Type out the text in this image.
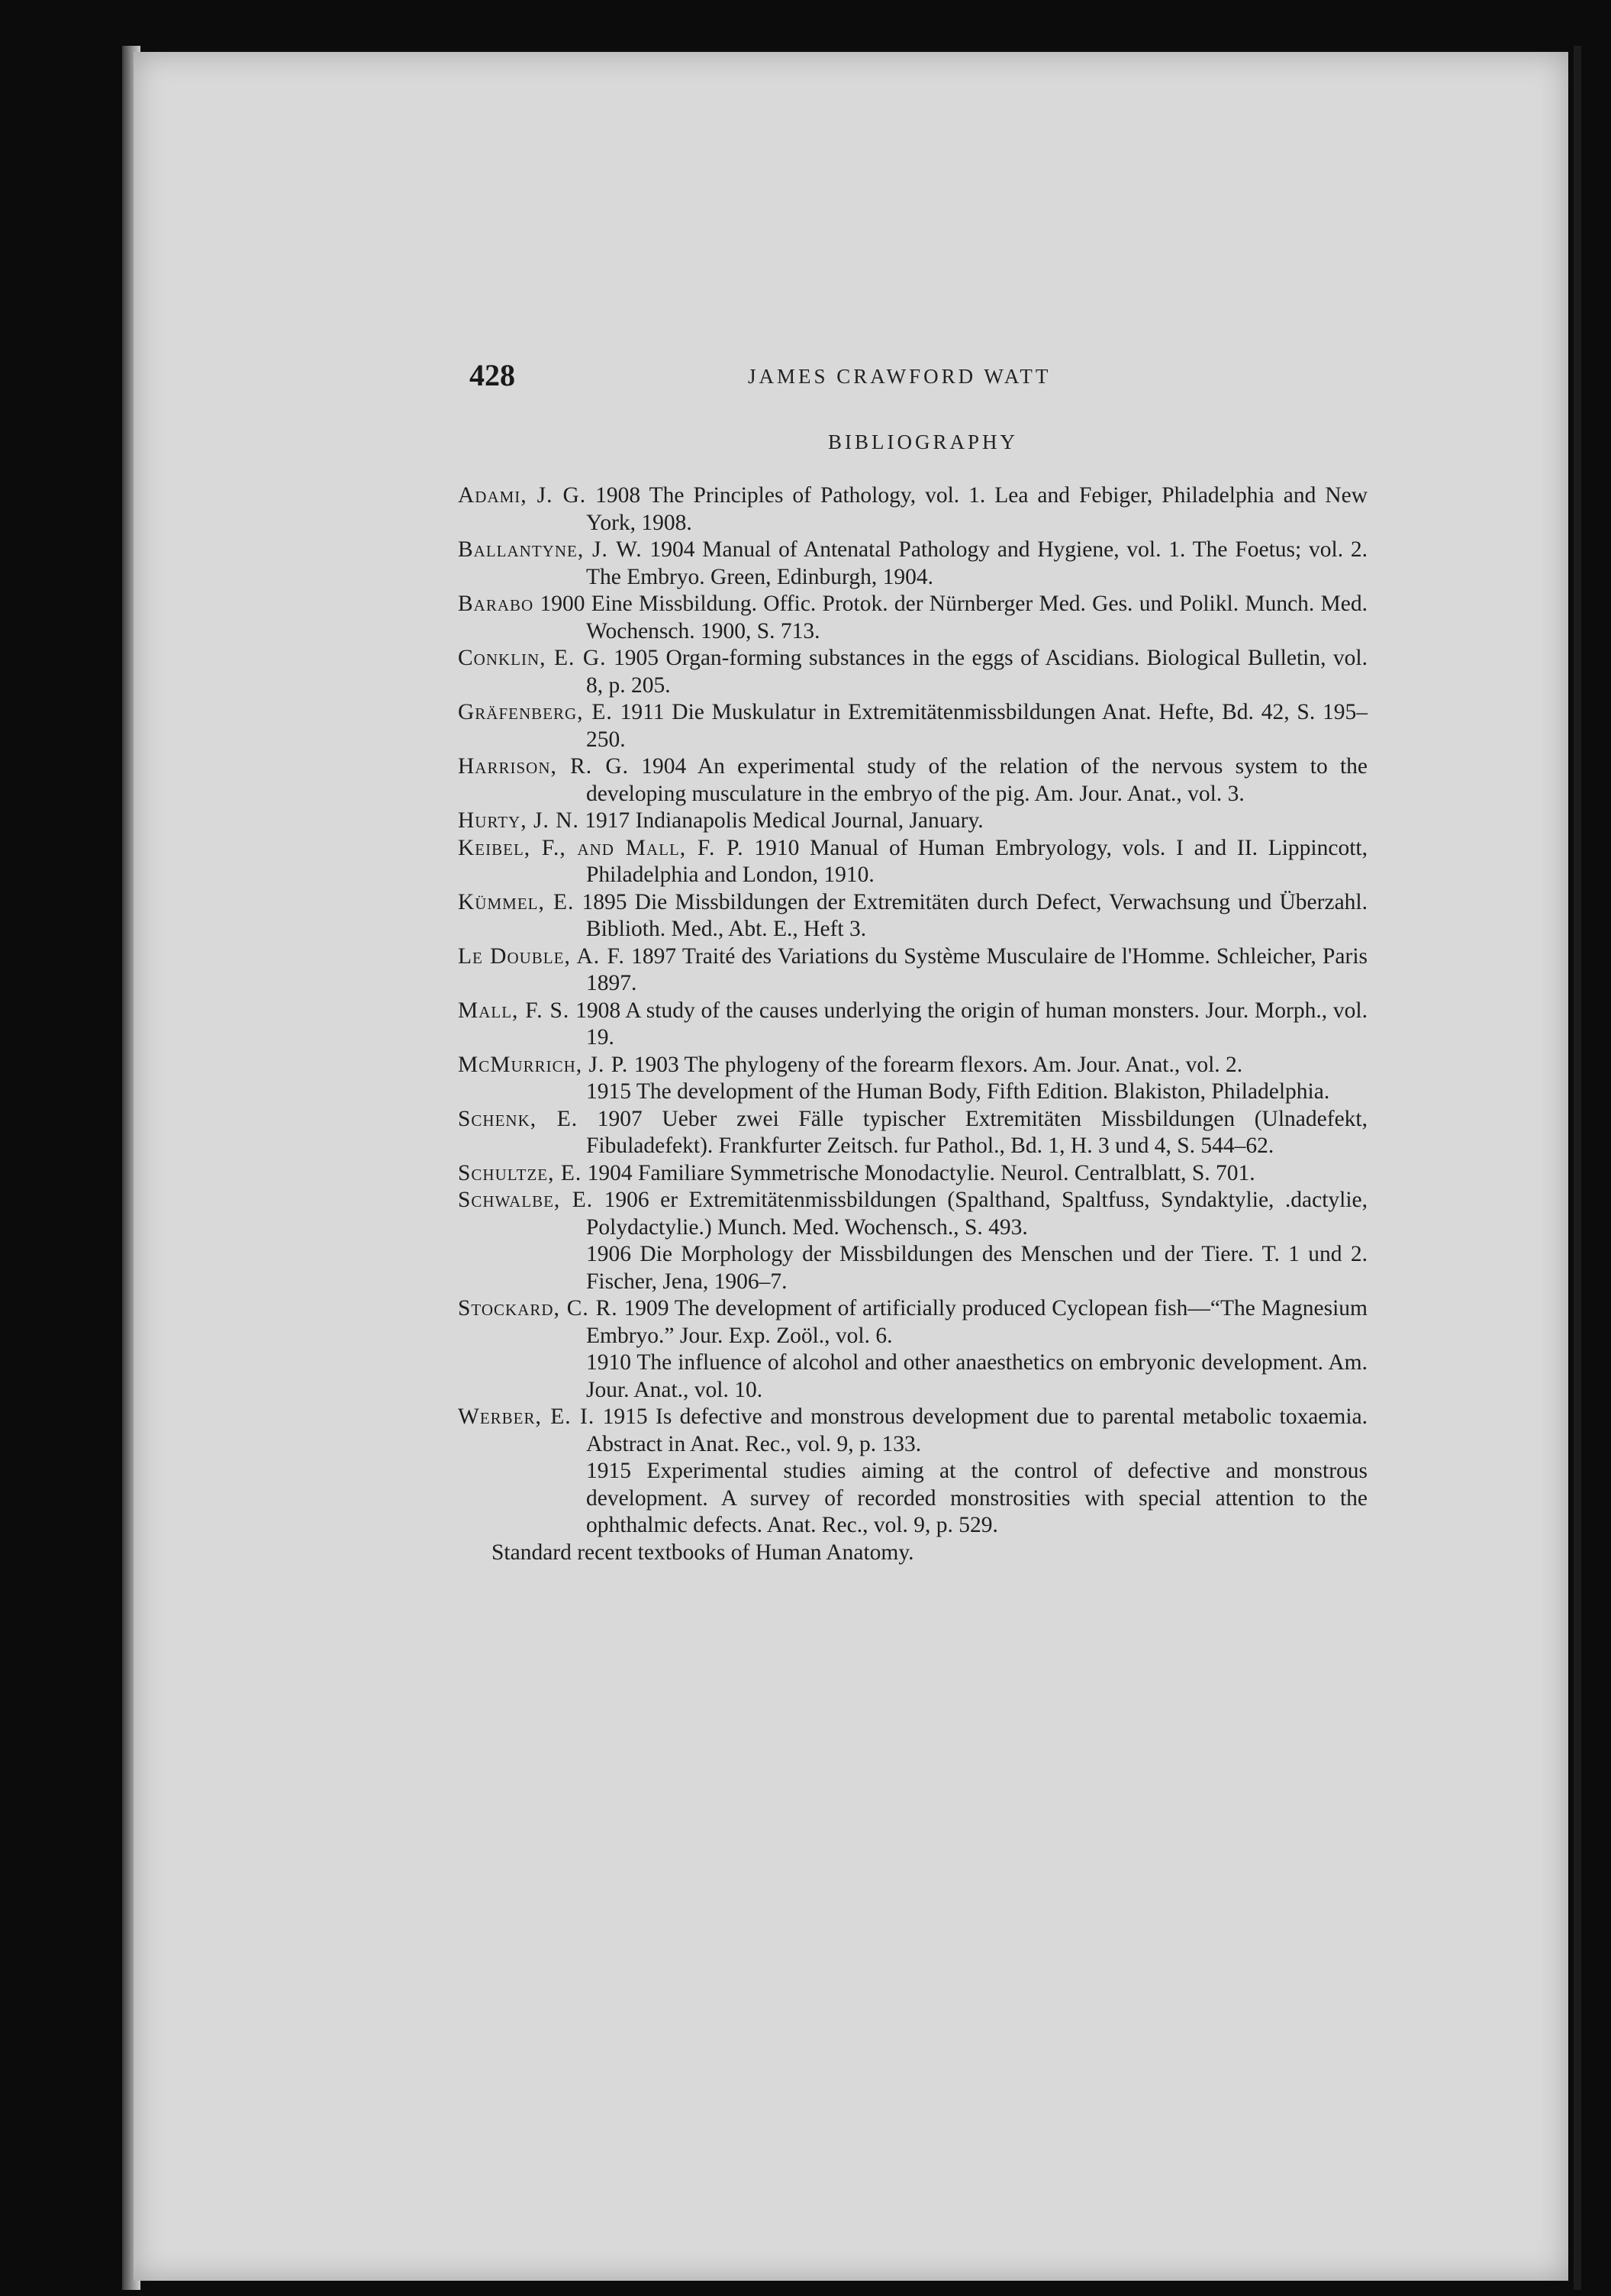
428	JAMES CRAWFORD WATT
BIBLIOGRAPHY
Adami, J. G. 1908 The Principles of Pathology, vol. 1. Lea and Febiger, Philadelphia and New York, 1908.
Ballantyne, J. W. 1904 Manual of Antenatal Pathology and Hygiene, vol. 1. The Foetus; vol. 2. The Embryo. Green, Edinburgh, 1904.
Barabo 1900 Eine Missbildung. Offic. Protok. der Nürnberger Med. Ges. und Polikl. Munch. Med. Wochensch. 1900, S. 713.
Conklin, E. G. 1905 Organ-forming substances in the eggs of Ascidians. Biological Bulletin, vol. 8, p. 205.
Gräfenberg, E. 1911 Die Muskulatur in Extremitätenmissbildungen Anat. Hefte, Bd. 42, S. 195–250.
Harrison, R. G. 1904 An experimental study of the relation of the nervous system to the developing musculature in the embryo of the pig. Am. Jour. Anat., vol. 3.
Hurty, J. N. 1917 Indianapolis Medical Journal, January.
Keibel, F., and Mall, F. P. 1910 Manual of Human Embryology, vols. I and II. Lippincott, Philadelphia and London, 1910.
Kümmel, E. 1895 Die Missbildungen der Extremitäten durch Defect, Verwachsung und Überzahl. Biblioth. Med., Abt. E., Heft 3.
Le Double, A. F. 1897 Traité des Variations du Système Musculaire de l'Homme. Schleicher, Paris 1897.
Mall, F. S. 1908 A study of the causes underlying the origin of human monsters. Jour. Morph., vol. 19.
McMurrich, J. P. 1903 The phylogeny of the forearm flexors. Am. Jour. Anat., vol. 2.
1915 The development of the Human Body, Fifth Edition. Blakiston, Philadelphia.
Schenk, E. 1907 Ueber zwei Fälle typischer Extremitäten Missbildungen (Ulnadefekt, Fibuladefekt). Frankfurter Zeitsch. fur Pathol., Bd. 1, H. 3 und 4, S. 544–62.
Schultze, E. 1904 Familiare Symmetrische Monodactylie. Neurol. Centralblatt, S. 701.
Schwalbe, E. 1906 er Extremitätenmissbildungen (Spalthand, Spaltfuss, Syndaktylie, .dactylie, Polydactylie.) Munch. Med. Wochensch., S. 493.
1906 Die Morphology der Missbildungen des Menschen und der Tiere. T. 1 und 2. Fischer, Jena, 1906–7.
Stockard, C. R. 1909 The development of artificially produced Cyclopean fish—“The Magnesium Embryo.” Jour. Exp. Zoöl., vol. 6.
1910 The influence of alcohol and other anaesthetics on embryonic development. Am. Jour. Anat., vol. 10.
Werber, E. I. 1915 Is defective and monstrous development due to parental metabolic toxaemia. Abstract in Anat. Rec., vol. 9, p. 133.
1915 Experimental studies aiming at the control of defective and monstrous development. A survey of recorded monstrosities with special attention to the ophthalmic defects. Anat. Rec., vol. 9, p. 529.
Standard recent textbooks of Human Anatomy.
